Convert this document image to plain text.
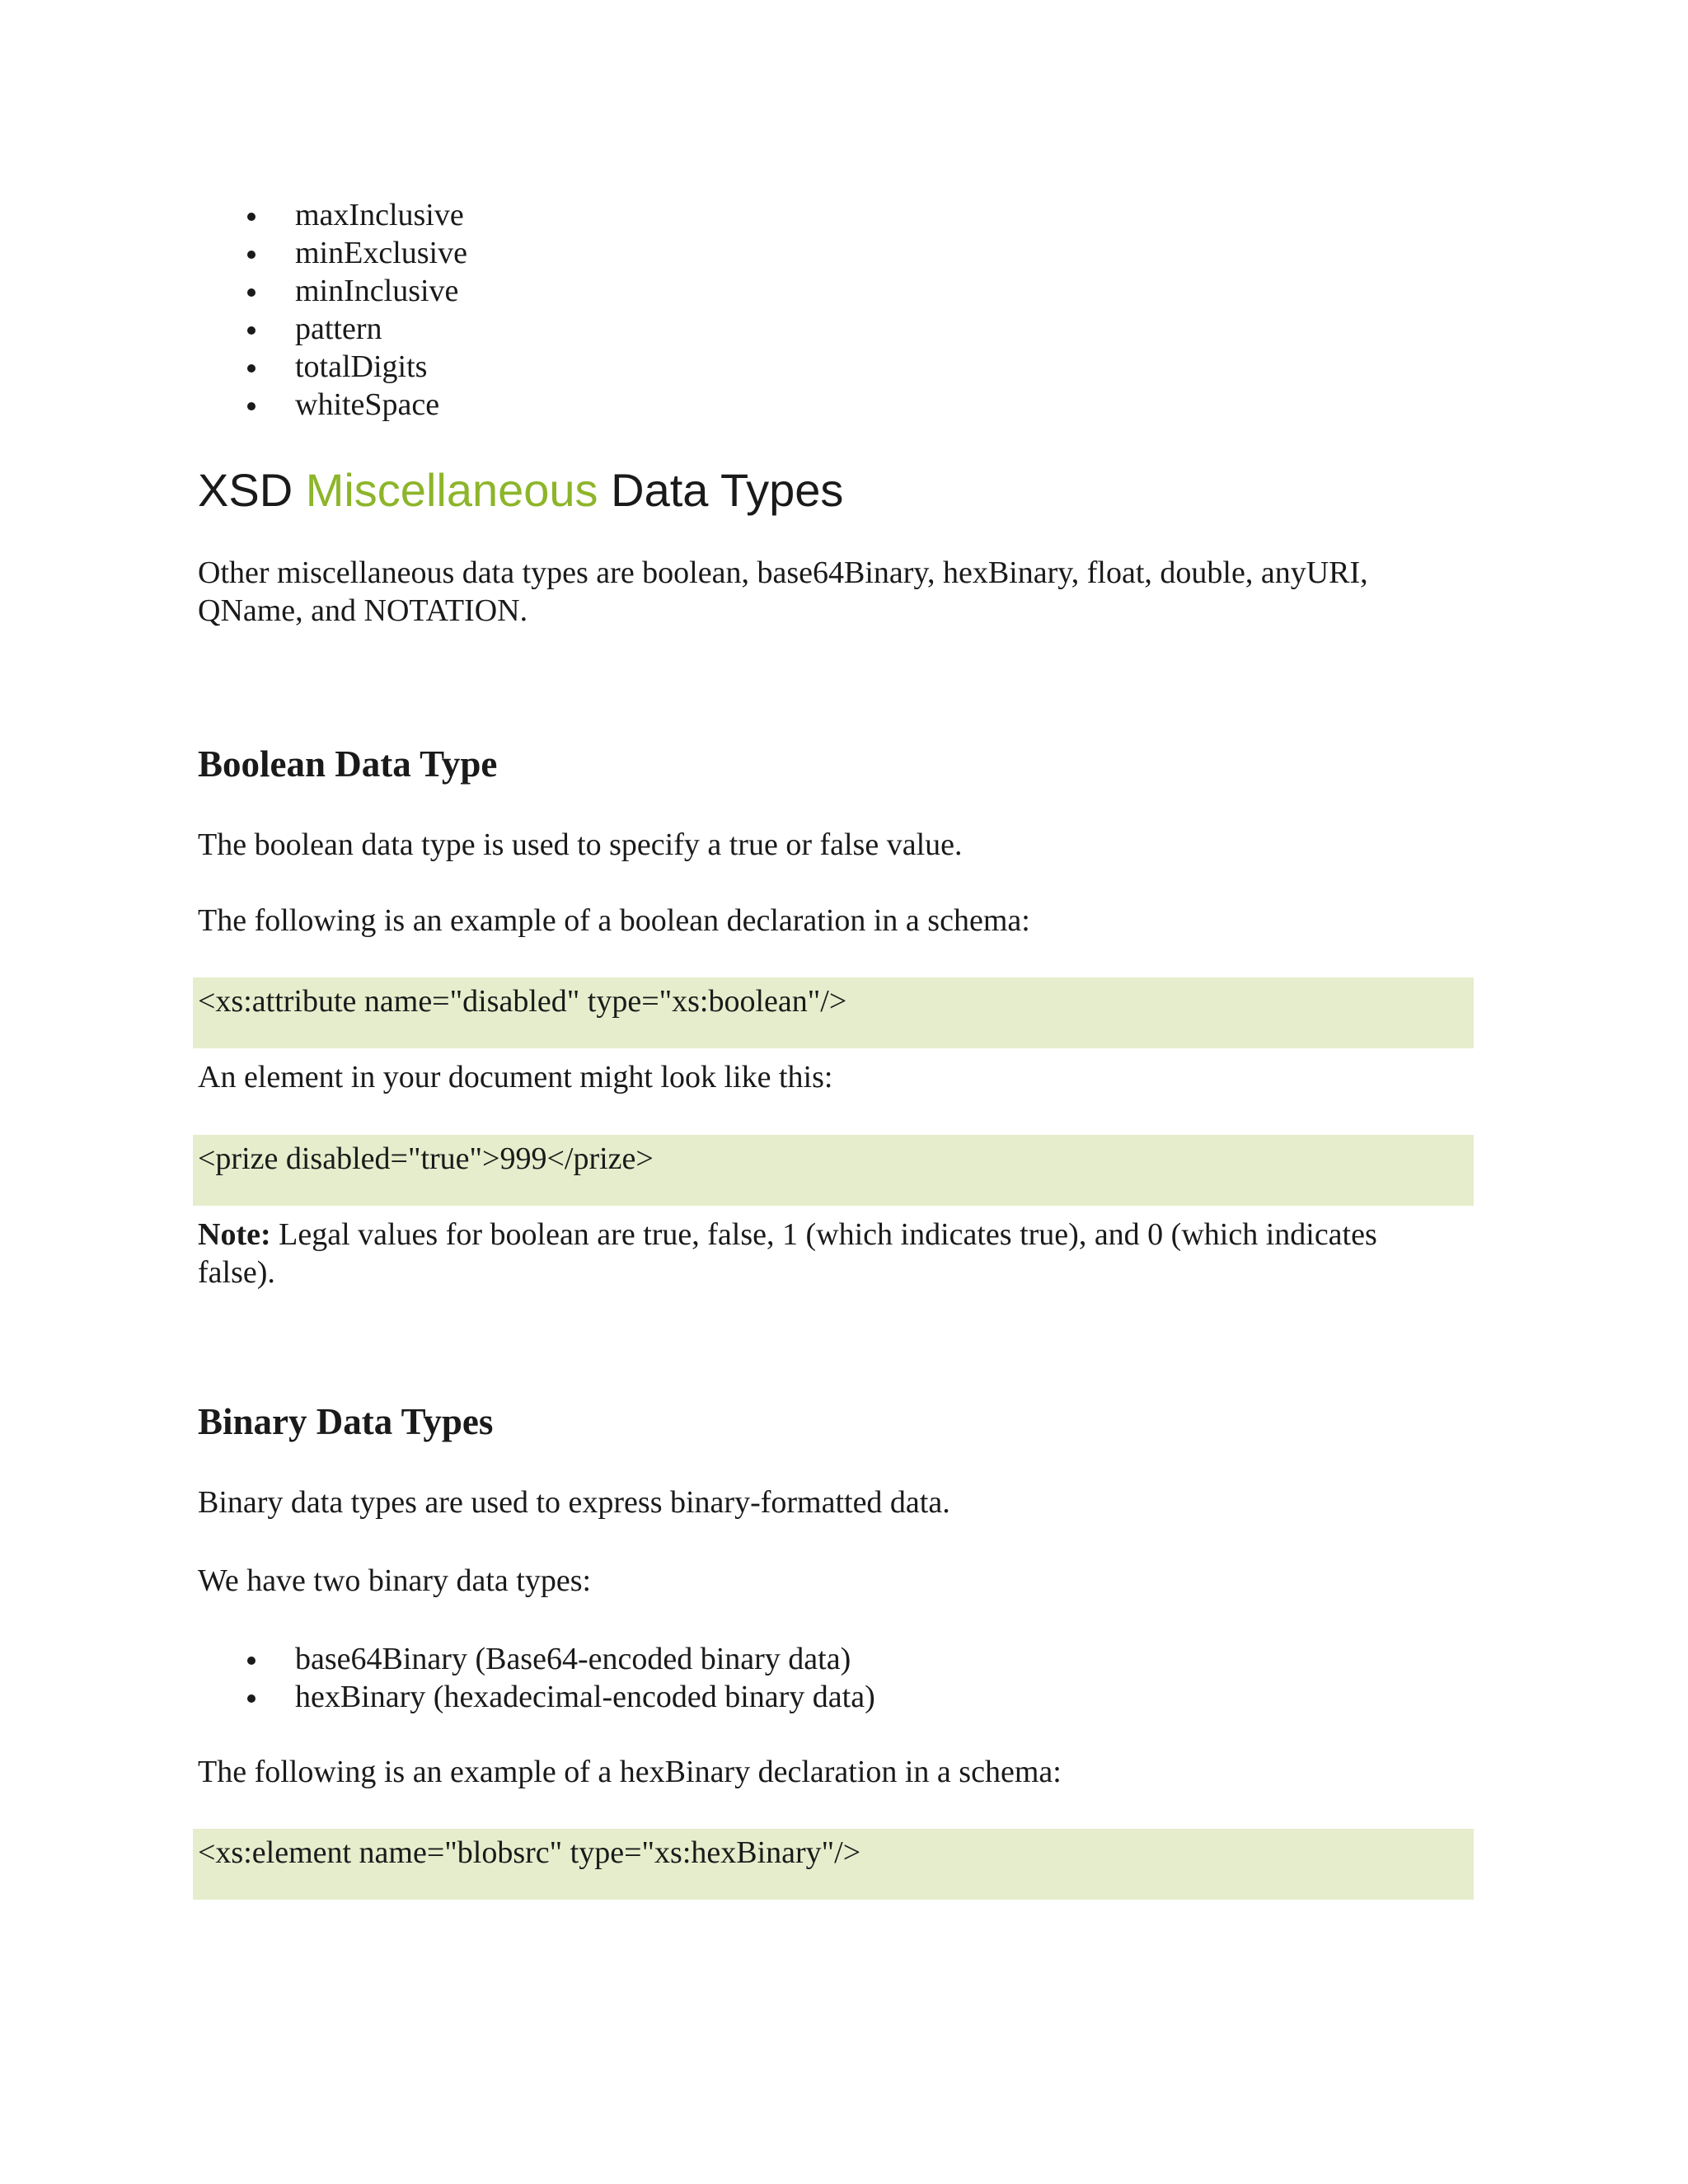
maxInclusive
minExclusive
minInclusive
pattern
totalDigits
whiteSpace
XSD Miscellaneous Data Types

Other miscellaneous data types are boolean, base64Binary, hexBinary, float, double, anyURI, QName, and NOTATION.

Boolean Data Type

The boolean data type is used to specify a true or false value.

The following is an example of a boolean declaration in a schema:

<xs:attribute name="disabled" type="xs:boolean"/>

An element in your document might look like this:

<prize disabled="true">999</prize>

Note: Legal values for boolean are true, false, 1 (which indicates true), and 0 (which indicates false).

Binary Data Types

Binary data types are used to express binary-formatted data.

We have two binary data types:

base64Binary (Base64-encoded binary data)
hexBinary (hexadecimal-encoded binary data)

The following is an example of a hexBinary declaration in a schema:

<xs:element name="blobsrc" type="xs:hexBinary"/>
